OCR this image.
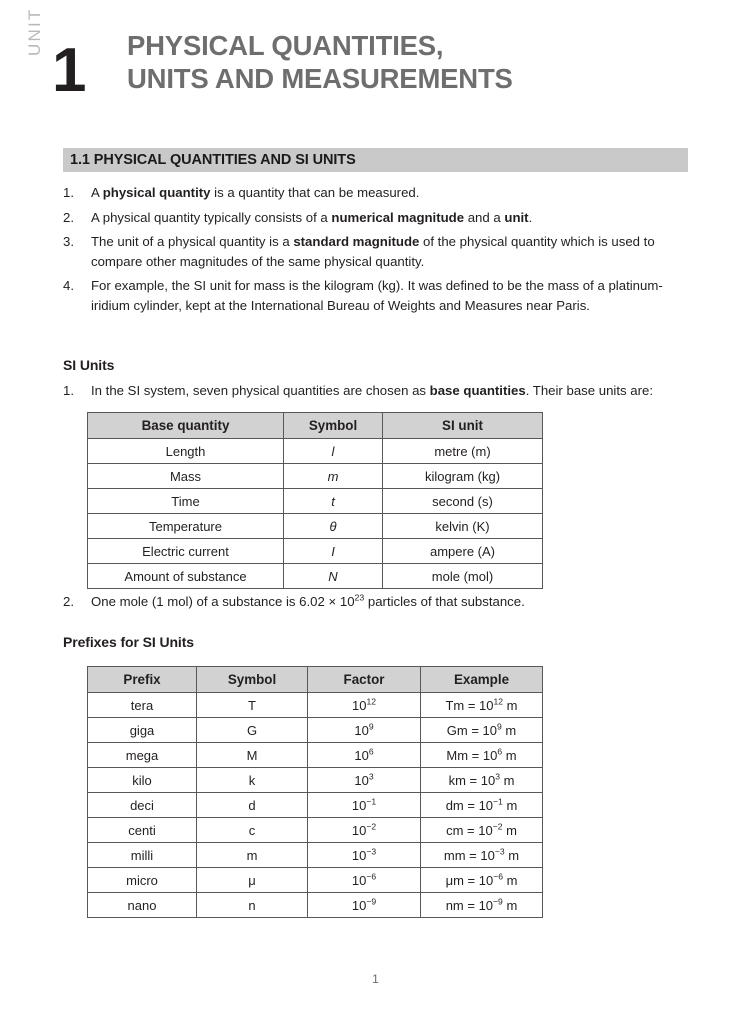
UNIT
1 PHYSICAL QUANTITIES,
UNITS AND MEASUREMENTS
1.1 PHYSICAL QUANTITIES AND SI UNITS
1.	A physical quantity is a quantity that can be measured.
2.	A physical quantity typically consists of a numerical magnitude and a unit.
3.	The unit of a physical quantity is a standard magnitude of the physical quantity which is used to compare other magnitudes of the same physical quantity.
4.	For example, the SI unit for mass is the kilogram (kg). It was defined to be the mass of a platinum-iridium cylinder, kept at the International Bureau of Weights and Measures near Paris.
SI Units
1.	In the SI system, seven physical quantities are chosen as base quantities. Their base units are:
Base quantity	Symbol	SI unit
Length	l	metre (m)
Mass	m	kilogram (kg)
Time	t	second (s)
Temperature	θ	kelvin (K)
Electric current	I	ampere (A)
Amount of substance	N	mole (mol)
2.	One mole (1 mol) of a substance is $6.02 \times 10^{23}$ particles of that substance.
Prefixes for SI Units
Prefix	Symbol	Factor	Example
tera	T	$10^{12}$	$Tm = 10^{12}$ m
giga	G	$10^9$	$Gm = 10^9$ m
mega	M	$10^6$	$Mm = 10^6$ m
kilo	k	$10^3$	km = $10^3$ m
deci	d	$10^{-1}$	dm = $10^{-1}$ m
centi	c	$10^{-2}$	cm = $10^{-2}$ m
milli	m	$10^{-3}$	mm = $10^{-3}$ m
micro	μ	$10^{-6}$	$\mu m = 10^{-6}$ m
nano	n	$10^{-9}$	nm = $10^{-9}$ m
1
